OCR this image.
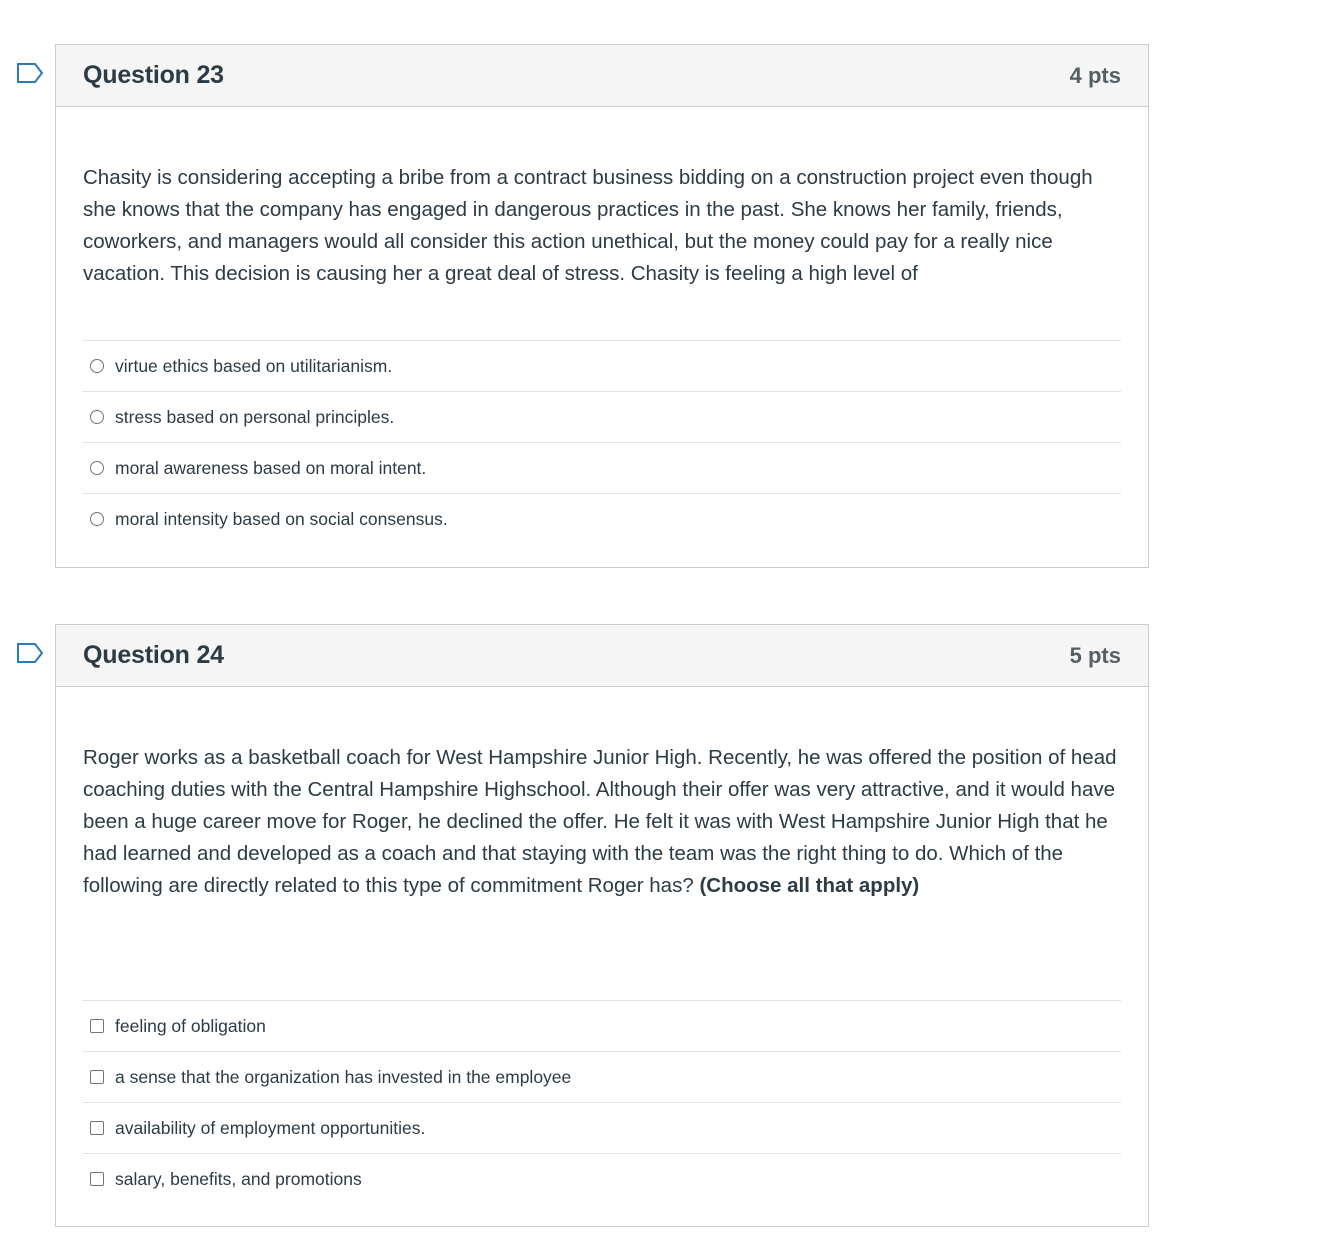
Question 23	4 pts

Chasity is considering accepting a bribe from a contract business bidding on a construction project even though she knows that the company has engaged in dangerous practices in the past. She knows her family, friends, coworkers, and managers would all consider this action unethical, but the money could pay for a really nice vacation. This decision is causing her a great deal of stress. Chasity is feeling a high level of

virtue ethics based on utilitarianism.
stress based on personal principles.
moral awareness based on moral intent.
moral intensity based on social consensus.
Question 24	5 pts

Roger works as a basketball coach for West Hampshire Junior High. Recently, he was offered the position of head coaching duties with the Central Hampshire Highschool. Although their offer was very attractive, and it would have been a huge career move for Roger, he declined the offer. He felt it was with West Hampshire Junior High that he had learned and developed as a coach and that staying with the team was the right thing to do. Which of the following are directly related to this type of commitment Roger has? (Choose all that apply)

feeling of obligation
a sense that the organization has invested in the employee
availability of employment opportunities.
salary, benefits, and promotions
